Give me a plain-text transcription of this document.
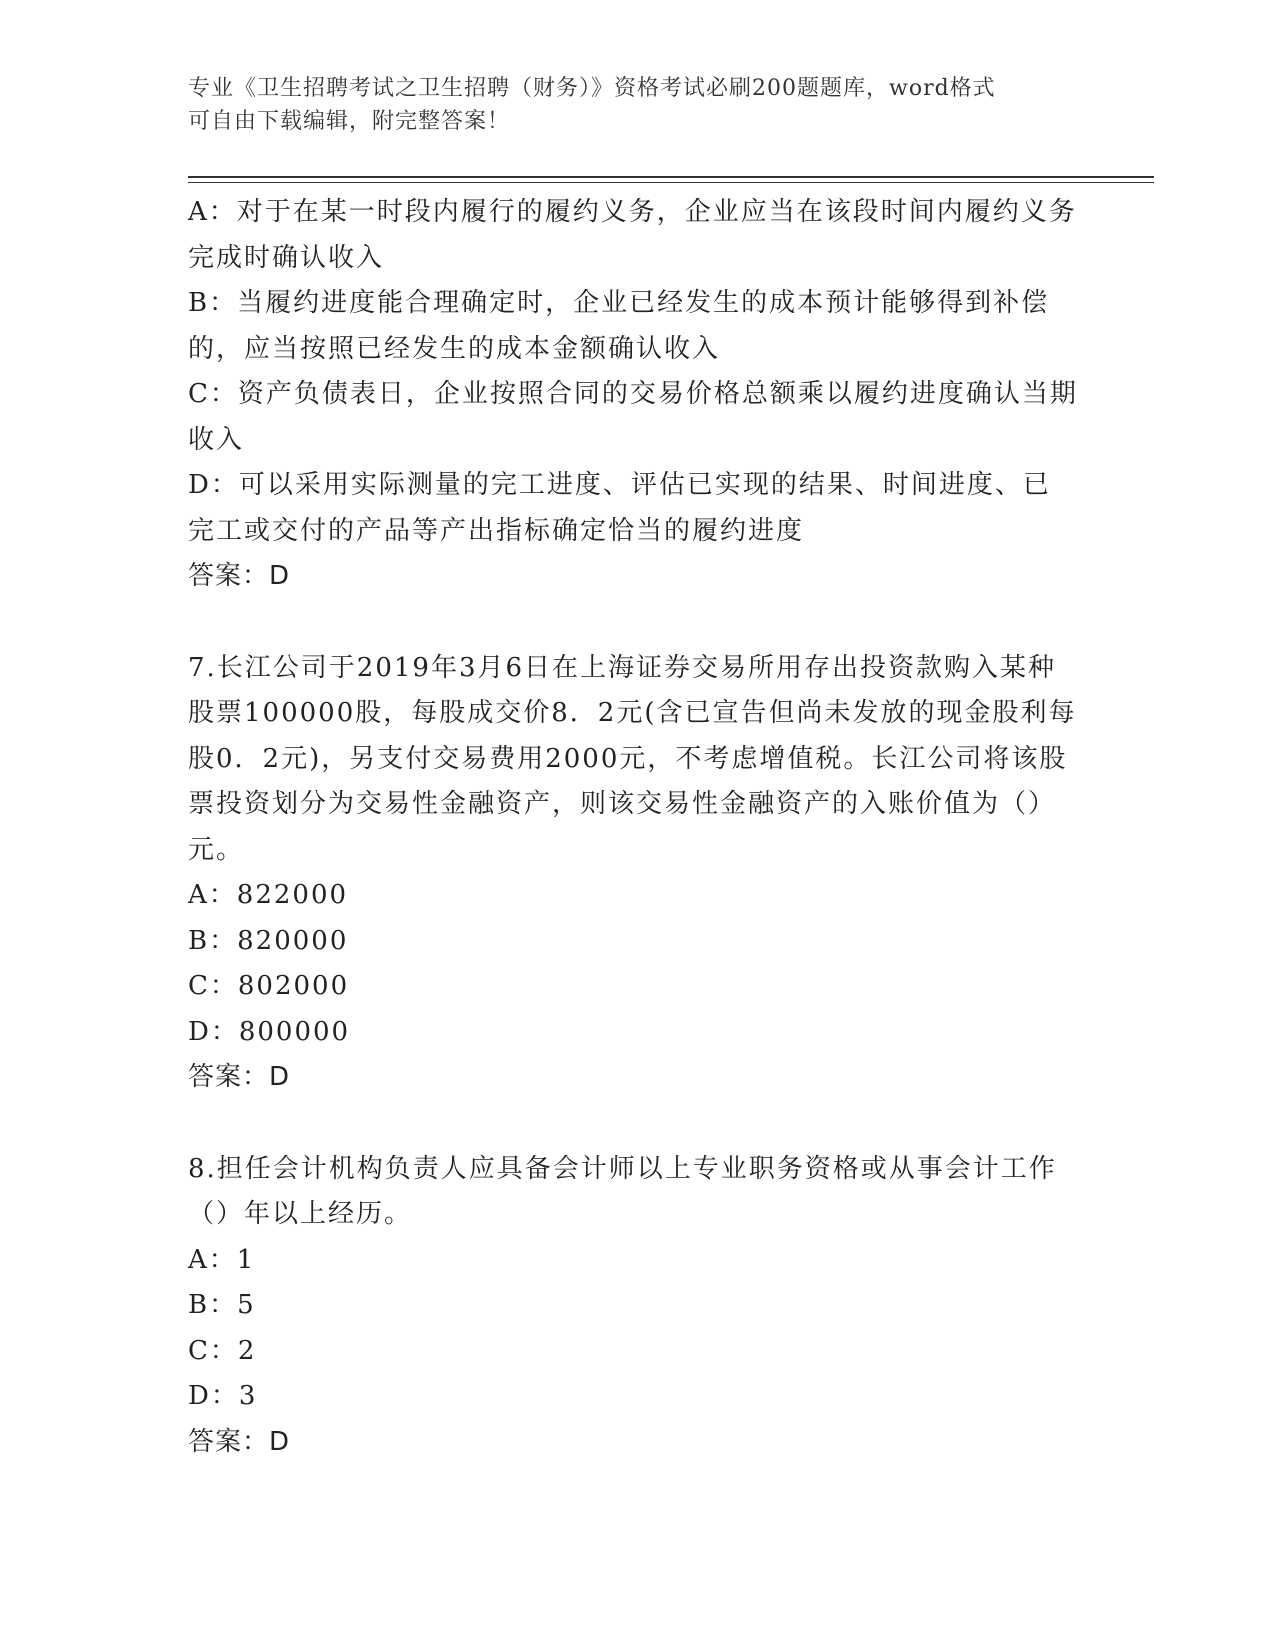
专业《卫生招聘考试之卫生招聘（财务）》资格考试必刷200题题库，word格式
可自由下载编辑，附完整答案！

A：对于在某一时段内履行的履约义务，企业应当在该段时间内履约义务完成时确认收入

B：当履约进度能合理确定时，企业已经发生的成本预计能够得到补偿的，应当按照已经发生的成本金额确认收入

C：资产负债表日，企业按照合同的交易价格总额乘以履约进度确认当期收入

D：可以采用实际测量的完工进度、评估已实现的结果、时间进度、已完工或交付的产品等产出指标确定恰当的履约进度

答案：D

7.长江公司于2019年3月6日在上海证券交易所用存出投资款购入某种股票100000股，每股成交价8．2元(含已宣告但尚未发放的现金股利每股0．2元)，另支付交易费用2000元，不考虑增值税。长江公司将该股票投资划分为交易性金融资产，则该交易性金融资产的入账价值为（）元。

A：822000

B：820000

C：802000

D：800000

答案：D

8.担任会计机构负责人应具备会计师以上专业职务资格或从事会计工作（）年以上经历。

A：1

B：5

C：2

D：3

答案：D
